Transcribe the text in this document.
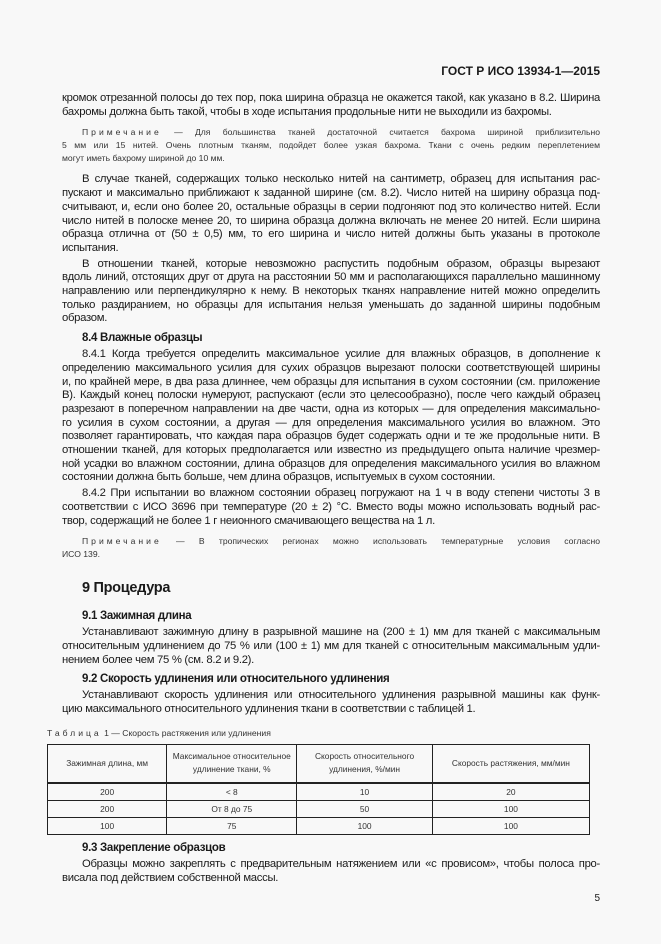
ГОСТ Р ИСО 13934-1—2015
кромок отрезанной полосы до тех пор, пока ширина образца не окажется такой, как указано в 8.2. Ширина
бахромы должна быть такой, чтобы в ходе испытания продольные нити не выходили из бахромы.
Примечание — Для большинства тканей достаточной считается бахрома шириной приблизительно
5 мм или 15 нитей. Очень плотным тканям, подойдет более узкая бахрома. Ткани с очень редким переплетением
могут иметь бахрому шириной до 10 мм.
В случае тканей, содержащих только несколько нитей на сантиметр, образец для испытания рас-
пускают и максимально приближают к заданной ширине (см. 8.2). Число нитей на ширину образца под-
считывают, и, если оно более 20, остальные образцы в серии подгоняют под это количество нитей. Если
число нитей в полоске менее 20, то ширина образца должна включать не менее 20 нитей. Если ширина
образца отлична от (50 ± 0,5) мм, то его ширина и число нитей должны быть указаны в протоколе
испытания.
В отношении тканей, которые невозможно распустить подобным образом, образцы вырезают
вдоль линий, отстоящих друг от друга на расстоянии 50 мм и располагающихся параллельно машинному
направлению или перпендикулярно к нему. В некоторых тканях направление нитей можно определить
только раздиранием, но образцы для испытания нельзя уменьшать до заданной ширины подобным
образом.
8.4 Влажные образцы
8.4.1 Когда требуется определить максимальное усилие для влажных образцов, в дополнение к
определению максимального усилия для сухих образцов вырезают полоски соответствующей ширины
и, по крайней мере, в два раза длиннее, чем образцы для испытания в сухом состоянии (см. приложение
В). Каждый конец полоски нумеруют, распускают (если это целесообразно), после чего каждый образец
разрезают в поперечном направлении на две части, одна из которых — для определения максимально-
го усилия в сухом состоянии, а другая — для определения максимального усилия во влажном. Это
позволяет гарантировать, что каждая пара образцов будет содержать одни и те же продольные нити. В
отношении тканей, для которых предполагается или известно из предыдущего опыта наличие чрезмер-
ной усадки во влажном состоянии, длина образцов для определения максимального усилия во влажном
состоянии должна быть больше, чем длина образцов, испытуемых в сухом состоянии.
8.4.2 При испытании во влажном состоянии образец погружают на 1 ч в воду степени чистоты 3 в
соответствии с ИСО 3696 при температуре (20 ± 2) °С. Вместо воды можно использовать водный рас-
твор, содержащий не более 1 г неионного смачивающего вещества на 1 л.
Примечание — В тропических регионах можно использовать температурные условия согласно
ИСО 139.
9 Процедура
9.1 Зажимная длина
Устанавливают зажимную длину в разрывной машине на (200 ± 1) мм для тканей с максимальным
относительным удлинением до 75 % или (100 ± 1) мм для тканей с относительным максимальным удли-
нением более чем 75 % (см. 8.2 и 9.2).
9.2 Скорость удлинения или относительного удлинения
Устанавливают скорость удлинения или относительного удлинения разрывной машины как функ-
цию максимального относительного удлинения ткани в соответствии с таблицей 1.
Таблица 1 — Скорость растяжения или удлинения
Зажимная длина, мм	Максимальное относительное удлинение ткани, %	Скорость относительного удлинения, %/мин	Скорость растяжения, мм/мин
200	< 8	10	20
200	От 8 до 75	50	100
100	75	100	100
9.3 Закрепление образцов
Образцы можно закреплять с предварительным натяжением или «с провисом», чтобы полоса про-
висала под действием собственной массы.
5
